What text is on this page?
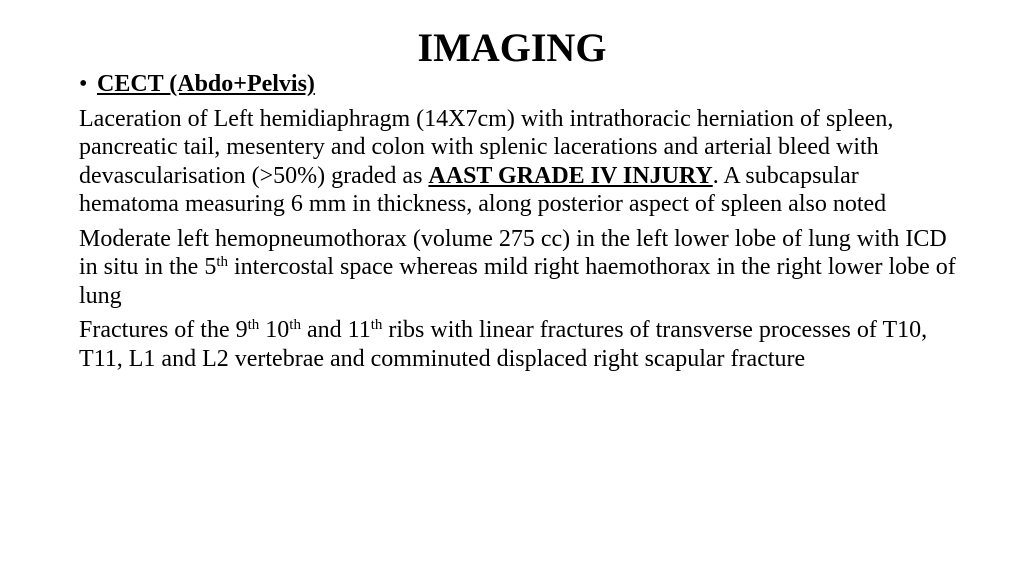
IMAGING
• CECT (Abdo+Pelvis)

Laceration of Left hemidiaphragm (14X7cm) with intrathoracic herniation of spleen, pancreatic tail, mesentery and colon with splenic lacerations and arterial bleed with devascularisation (>50%) graded as AAST GRADE IV INJURY. A subcapsular hematoma measuring 6 mm in thickness, along posterior aspect of spleen also noted

Moderate left hemopneumothorax (volume 275 cc) in the left lower lobe of lung with ICD in situ in the 5th intercostal space whereas mild right haemothorax in the right lower lobe of lung

Fractures of the 9th 10th and 11th ribs with linear fractures of transverse processes of T10, T11, L1 and L2 vertebrae and comminuted displaced right scapular fracture
